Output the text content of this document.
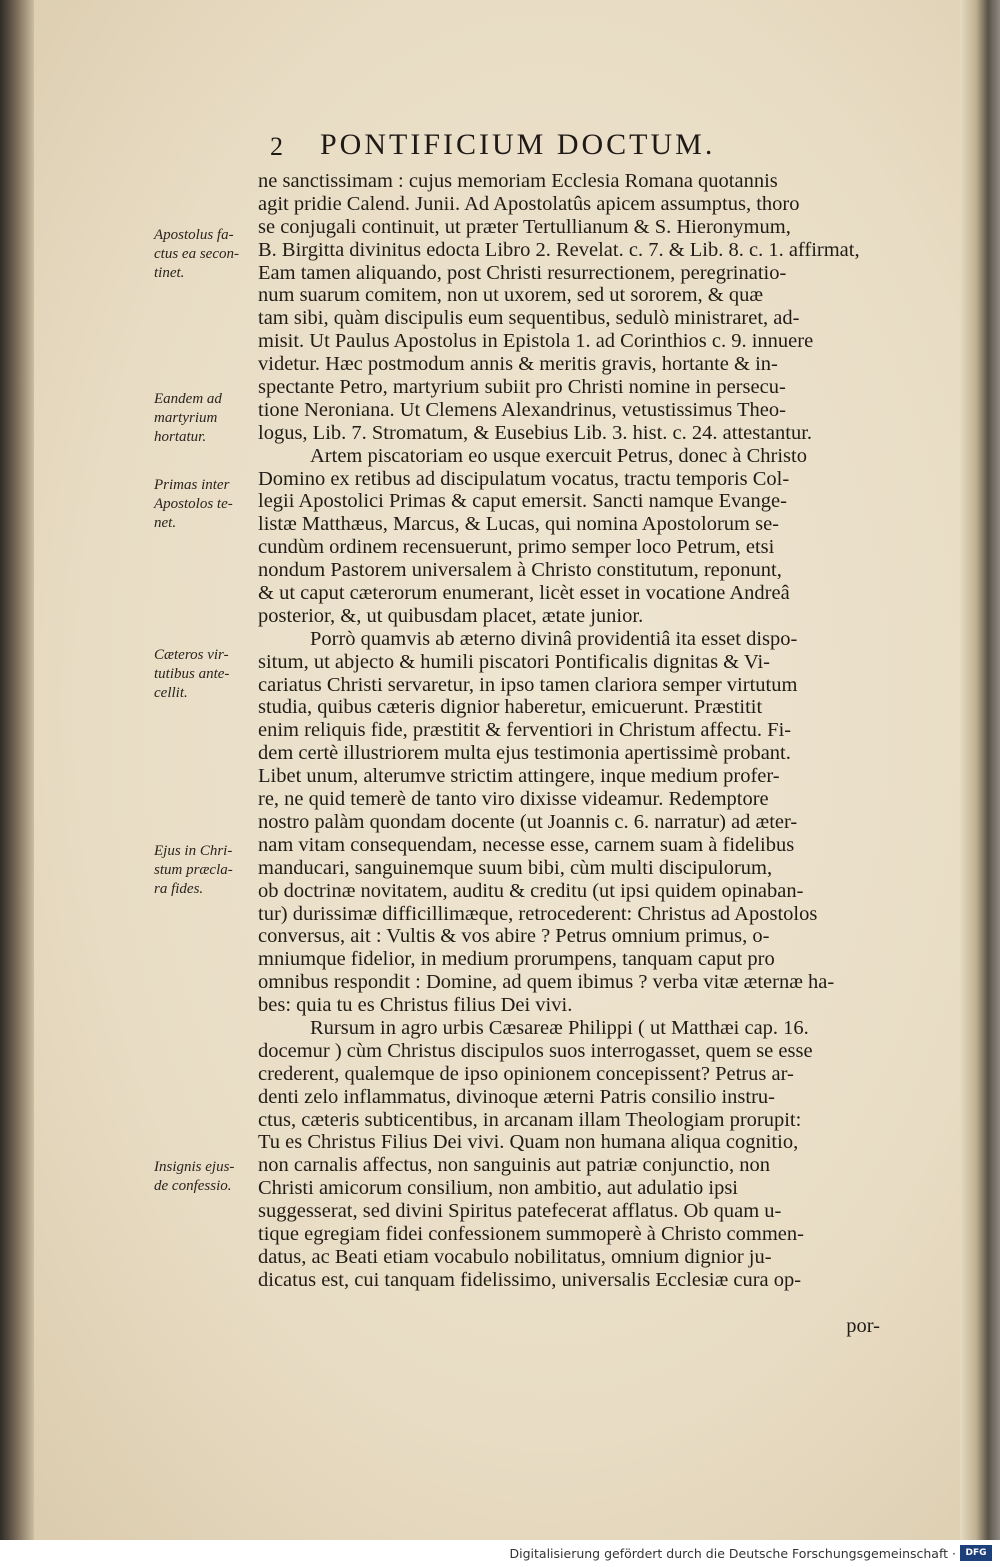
2 PONTIFICIUM DOCTUM.
Apostolus fa-
ctus ea secon-
tinet.
Eandem ad
martyrium
hortatur.
Primas inter
Apostolos te-
net.
Cæteros vir-
tutibus ante-
cellit.
Ejus in Chri-
stum præcla-
ra fides.
Insignis ejus-
de confessio.
ne sanctissimam : cujus memoriam Ecclesia Romana quotannis
agit pridie Calend. Junii. Ad Apostolatûs apicem assumptus, thoro
se conjugali continuit, ut præter Tertullianum & S. Hieronymum,
B. Birgitta divinitus edocta Libro 2. Revelat. c. 7. & Lib. 8. c. 1. affirmat,
Eam tamen aliquando, post Christi resurrectionem, peregrinatio-
num suarum comitem, non ut uxorem, sed ut sororem, & quæ
tam sibi, quàm discipulis eum sequentibus, sedulò ministraret, ad-
misit. Ut Paulus Apostolus in Epistola 1. ad Corinthios c. 9. innuere
videtur. Hæc postmodum annis & meritis gravis, hortante & in-
spectante Petro, martyrium subiit pro Christi nomine in persecu-
tione Neroniana. Ut Clemens Alexandrinus, vetustissimus Theo-
logus, Lib. 7. Stromatum, & Eusebius Lib. 3. hist. c. 24. attestantur.
Artem piscatoriam eo usque exercuit Petrus, donec à Christo
Domino ex retibus ad discipulatum vocatus, tractu temporis Col-
legii Apostolici Primas & caput emersit. Sancti namque Evange-
listæ Matthæus, Marcus, & Lucas, qui nomina Apostolorum se-
cundùm ordinem recensuerunt, primo semper loco Petrum, etsi
nondum Pastorem universalem à Christo constitutum, reponunt,
& ut caput cæterorum enumerant, licèt esset in vocatione Andreâ
posterior, &, ut quibusdam placet, ætate junior.
Porrò quamvis ab æterno divinâ providentiâ ita esset dispo-
situm, ut abjecto & humili piscatori Pontificalis dignitas & Vi-
cariatus Christi servaretur, in ipso tamen clariora semper virtutum
studia, quibus cæteris dignior haberetur, emicuerunt. Præstitit
enim reliquis fide, præstitit & ferventiori in Christum affectu. Fi-
dem certè illustriorem multa ejus testimonia apertissimè probant.
Libet unum, alterumve strictim attingere, inque medium profer-
re, ne quid temerè de tanto viro dixisse videamur. Redemptore
nostro palàm quondam docente (ut Joannis c. 6. narratur) ad æter-
nam vitam consequendam, necesse esse, carnem suam à fidelibus
manducari, sanguinemque suum bibi, cùm multi discipulorum,
ob doctrinæ novitatem, auditu & creditu (ut ipsi quidem opinaban-
tur) durissimæ difficillimæque, retrocederent: Christus ad Apostolos
conversus, ait : Vultis & vos abire ? Petrus omnium primus, o-
mniumque fidelior, in medium prorumpens, tanquam caput pro
omnibus respondit : Domine, ad quem ibimus ? verba vitæ æternæ ha-
bes: quia tu es Christus filius Dei vivi.
Rursum in agro urbis Cæsareæ Philippi ( ut Matthæi cap. 16.
docemur ) cùm Christus discipulos suos interrogasset, quem se esse
crederent, qualemque de ipso opinionem concepissent? Petrus ar-
denti zelo inflammatus, divinoque æterni Patris consilio instru-
ctus, cæteris subticentibus, in arcanam illam Theologiam prorupit:
Tu es Christus Filius Dei vivi. Quam non humana aliqua cognitio,
non carnalis affectus, non sanguinis aut patriæ conjunctio, non
Christi amicorum consilium, non ambitio, aut adulatio ipsi
suggesserat, sed divini Spiritus patefecerat afflatus. Ob quam u-
tique egregiam fidei confessionem summoperè à Christo commen-
datus, ac Beati etiam vocabulo nobilitatus, omnium dignior ju-
dicatus est, cui tanquam fidelissimo, universalis Ecclesiæ cura op-
por-
Digitalisierung gefördert durch die Deutsche Forschungsgemeinschaft ·	DFG
